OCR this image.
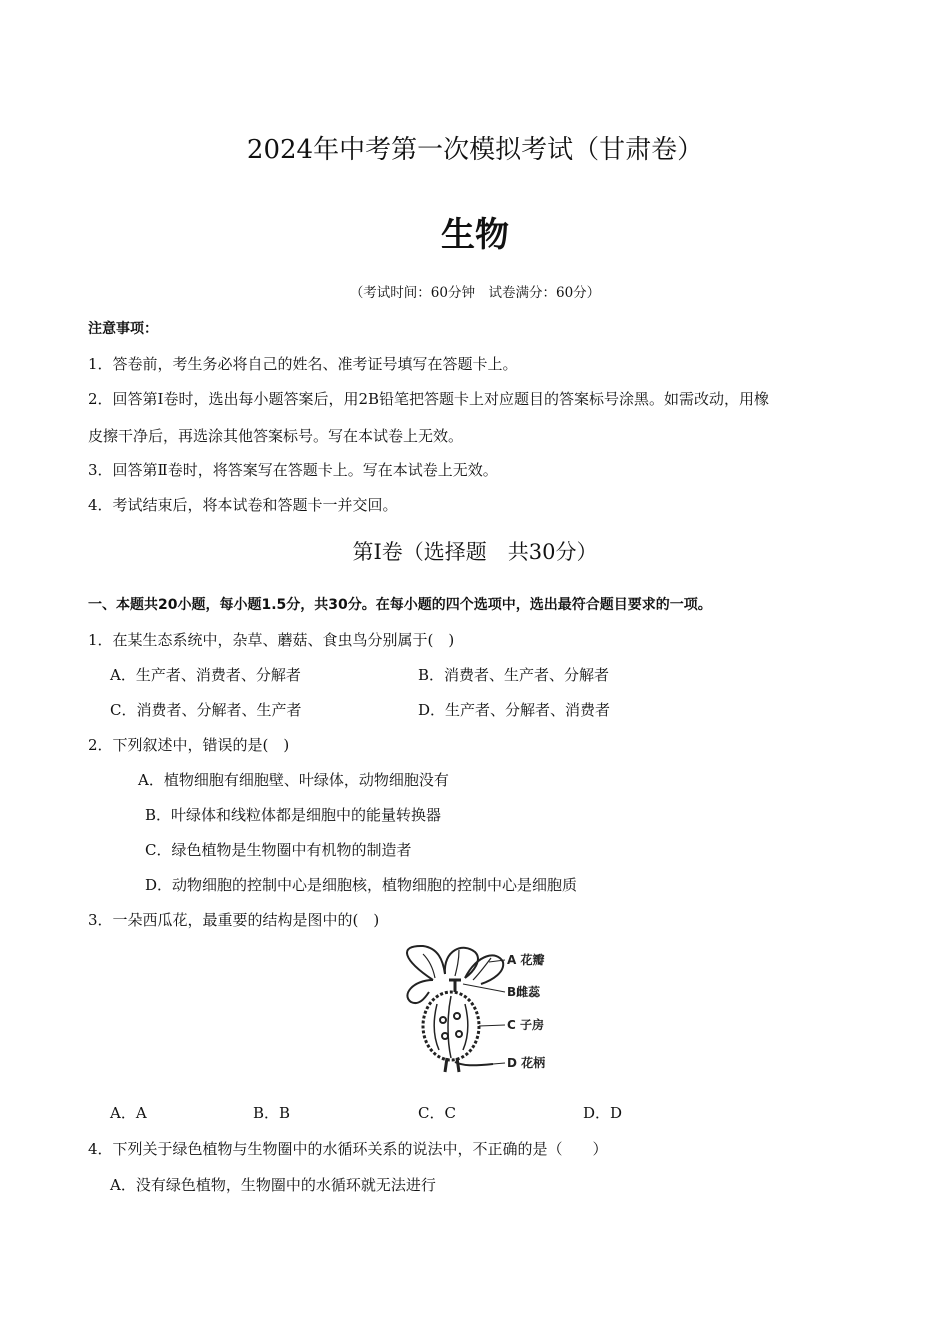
2024年中考第一次模拟考试（甘肃卷）
生物
（考试时间：60分钟　试卷满分：60分）
注意事项：
1．答卷前，考生务必将自己的姓名、准考证号填写在答题卡上。
2．回答第Ⅰ卷时，选出每小题答案后，用2B铅笔把答题卡上对应题目的答案标号涂黑。如需改动，用橡
皮擦干净后，再选涂其他答案标号。写在本试卷上无效。
3．回答第Ⅱ卷时，将答案写在答题卡上。写在本试卷上无效。
4．考试结束后，将本试卷和答题卡一并交回。
第Ⅰ卷（选择题　共30分）
一、本题共20小题，每小题1.5分，共30分。在每小题的四个选项中，选出最符合题目要求的一项。
1．在某生态系统中，杂草、蘑菇、食虫鸟分别属于(　)
A．生产者、消费者、分解者	B．消费者、生产者、分解者
C．消费者、分解者、生产者	D．生产者、分解者、消费者
2．下列叙述中，错误的是(　)
A．植物细胞有细胞壁、叶绿体，动物细胞没有
B．叶绿体和线粒体都是细胞中的能量转换器
C．绿色植物是生物圈中有机物的制造者
D．动物细胞的控制中心是细胞核，植物细胞的控制中心是细胞质
3．一朵西瓜花，最重要的结构是图中的(　)
A 花瓣
B雌蕊
C 子房
D 花柄
A．A	B．B	C．C	D．D
4．下列关于绿色植物与生物圈中的水循环关系的说法中，不正确的是（　　）
A．没有绿色植物，生物圈中的水循环就无法进行
